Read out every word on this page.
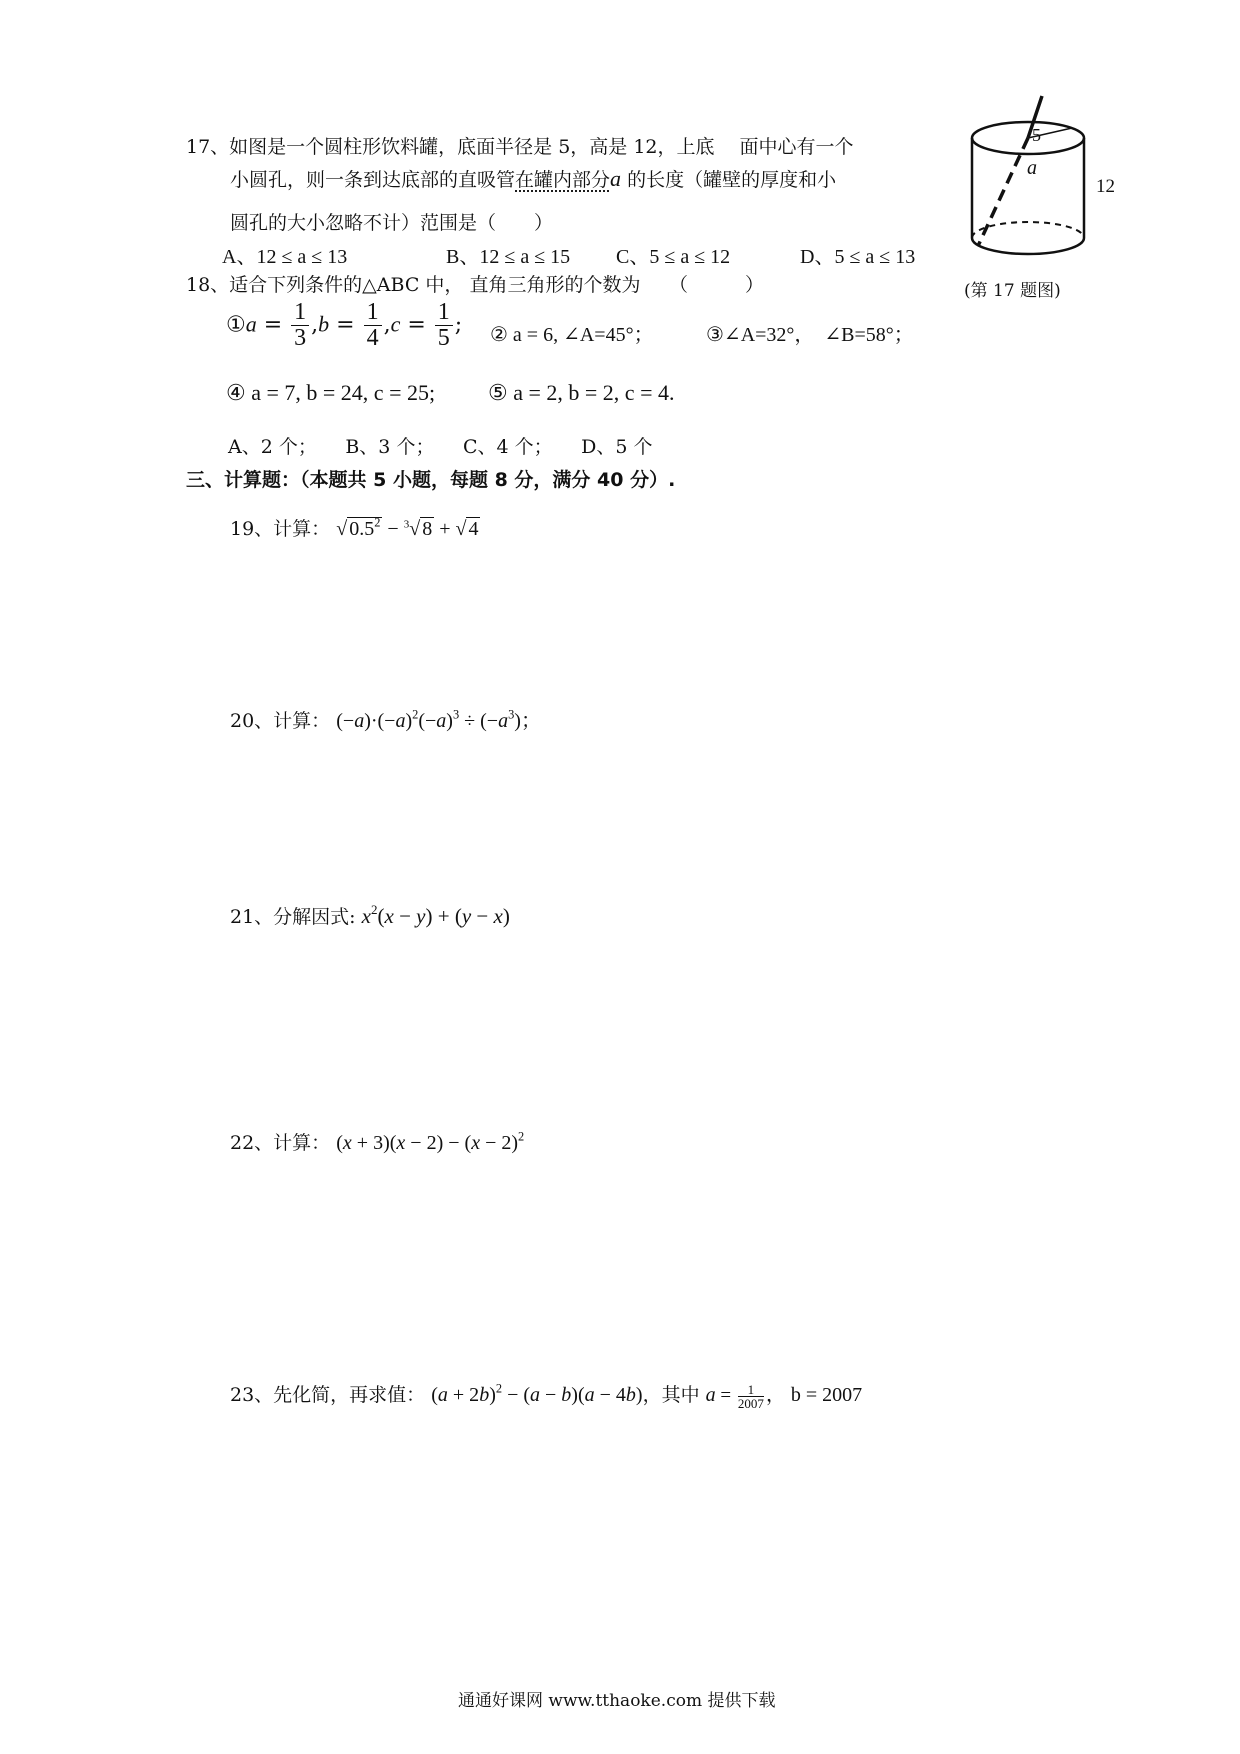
17、如图是一个圆柱形饮料罐，底面半径是 5，高是 12，上底　 面中心有一个
小圆孔，则一条到达底部的直吸管在罐内部分a 的长度（罐壁的厚度和小
圆孔的大小忽略不计）范围是（　　）
A、12 ≤ a ≤ 13	B、12 ≤ a ≤ 15 C、5 ≤ a ≤ 12	D、5 ≤ a ≤ 13
5
a
12
(第 17 题图)
18、适合下列条件的△ABC 中， 直角三角形的个数为　　（　　　）
①a = $\frac{1}{3} ,b = \frac{1}{4} ,c = \frac{1}{5}$ ; ② a = 6, ∠A=45°；	③∠A=32°，　∠B=58°；
④ a = 7, b = 24, c = 25; ⑤ a = 2, b = 2, c = 4.
A、2 个；　　B、3 个；　　C、4 个；　　D、5 个
三、计算题：（本题共 5 小题，每题 8 分，满分 40 分）.
19、计算： √ $0.5^2 - ^3√$ 8 + √ 4
20、计算： $(-a)\cdot(-a)^2(-a)^3 \div (-a^3)$；
21、分解因式: $x^2(x - y) + (y - x)$
22、计算： $(x + 3)(x - 2) - (x - 2)^2$
23、先化简，再求值： $(a + 2b)^2 - (a - b)(a - 4b)$，其中 $a = \frac{1}{2007}$ ， b = 2007
通通好课网 www.tthaoke.com 提供下载
